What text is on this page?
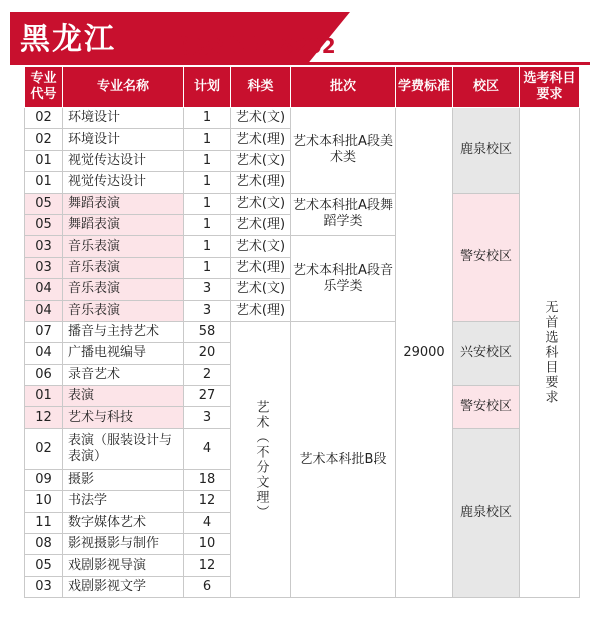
黑龙江	院校代号：8202
专业代号	专业名称	计划	科类	批次	学费标准	校区	选考科目要求
02	环境设计	1	艺术(文)	艺术本科批A段美术类	29000	鹿泉校区	无首选科目要求

02	环境设计	1	艺术(理)				
01	视觉传达设计	1	艺术(文)				
01	视觉传达设计	1	艺术(理)				
05	舞蹈表演	1	艺术(文)	艺术本科批A段舞蹈学类		警安校区	
05	舞蹈表演	1	艺术(理)				
03	音乐表演	1	艺术(文)	艺术本科批A段音乐学类			
03	音乐表演	1	艺术(理)				
04	音乐表演	3	艺术(文)				
04	音乐表演	3	艺术(理)				
07	播音与主持艺术	58	艺术（不分文理）	艺术本科批B段		兴安校区	
04	广播电视编导	20					
06	录音艺术	2					
01	表演	27				警安校区	
12	艺术与科技	3					
02	表演（服装设计与表演）	4				鹿泉校区	
09	摄影	18					
10	书法学	12					
11	数字媒体艺术	4					
08	影视摄影与制作	10					
05	戏剧影视导演	12					
03	戏剧影视文学	6					
